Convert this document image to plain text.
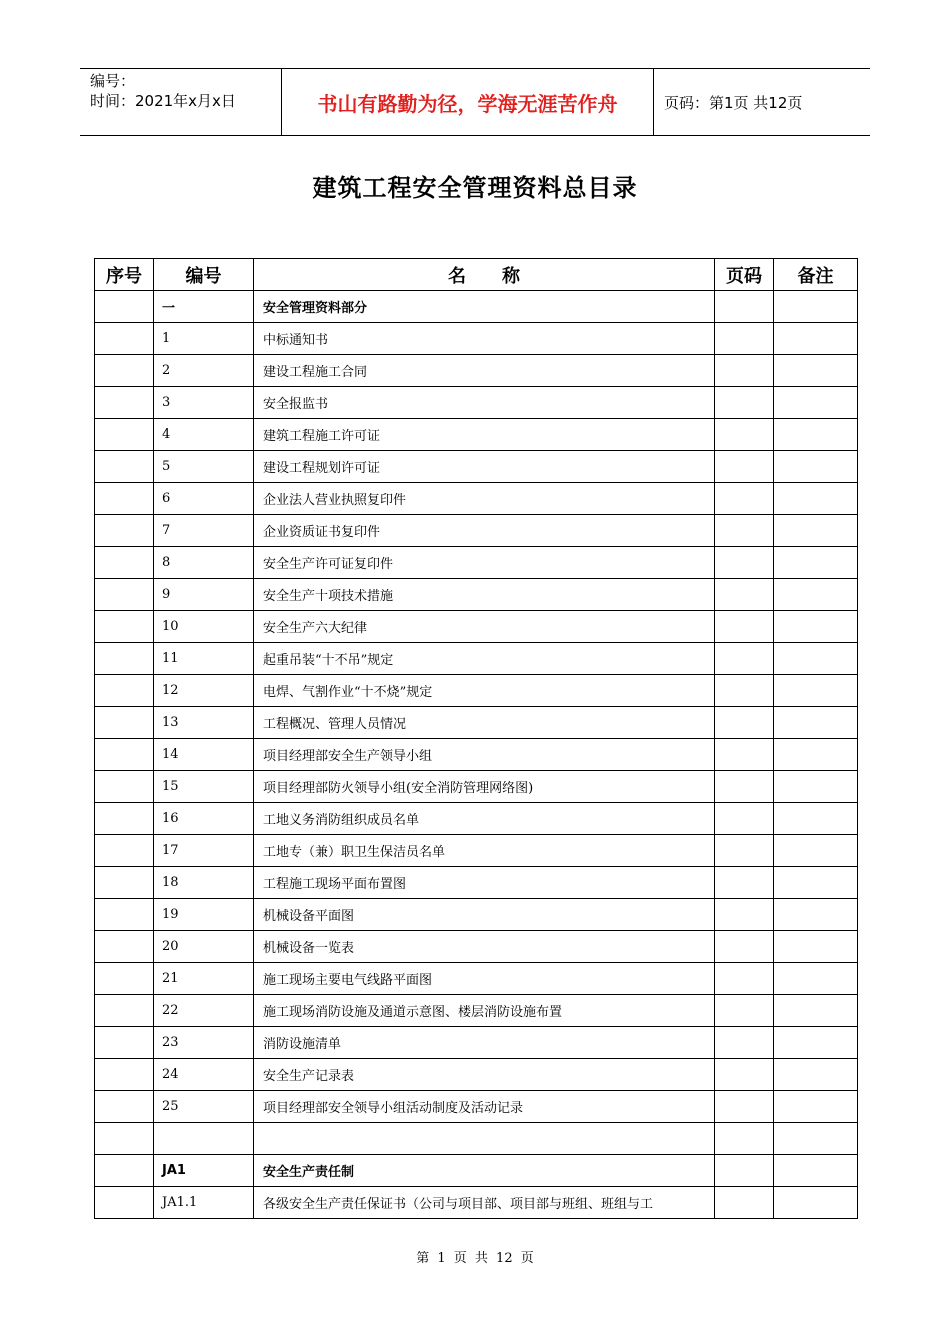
编号：
时间：2021年x月x日	书山有路勤为径，学海无涯苦作舟	页码：第1页 共12页
建筑工程安全管理资料总目录
序号	编号	名　　称	页码	备注
	一	安全管理资料部分		
	1	中标通知书		
	2	建设工程施工合同		
	3	安全报监书		
	4	建筑工程施工许可证		
	5	建设工程规划许可证		
	6	企业法人营业执照复印件		
	7	企业资质证书复印件		
	8	安全生产许可证复印件		
	9	安全生产十项技术措施		
	10	安全生产六大纪律		
	11	起重吊装“十不吊”规定		
	12	电焊、气割作业“十不烧”规定		
	13	工程概况、管理人员情况		
	14	项目经理部安全生产领导小组		
	15	项目经理部防火领导小组(安全消防管理网络图)		
	16	工地义务消防组织成员名单		
	17	工地专（兼）职卫生保洁员名单		
	18	工程施工现场平面布置图		
	19	机械设备平面图		
	20	机械设备一览表		
	21	施工现场主要电气线路平面图		
	22	施工现场消防设施及通道示意图、楼层消防设施布置		
	23	消防设施清单		
	24	安全生产记录表		
	25	项目经理部安全领导小组活动制度及活动记录		

	JA1	安全生产责任制		
	JA1.1	各级安全生产责任保证书（公司与项目部、项目部与班组、班组与工		
第 1 页 共 12 页
